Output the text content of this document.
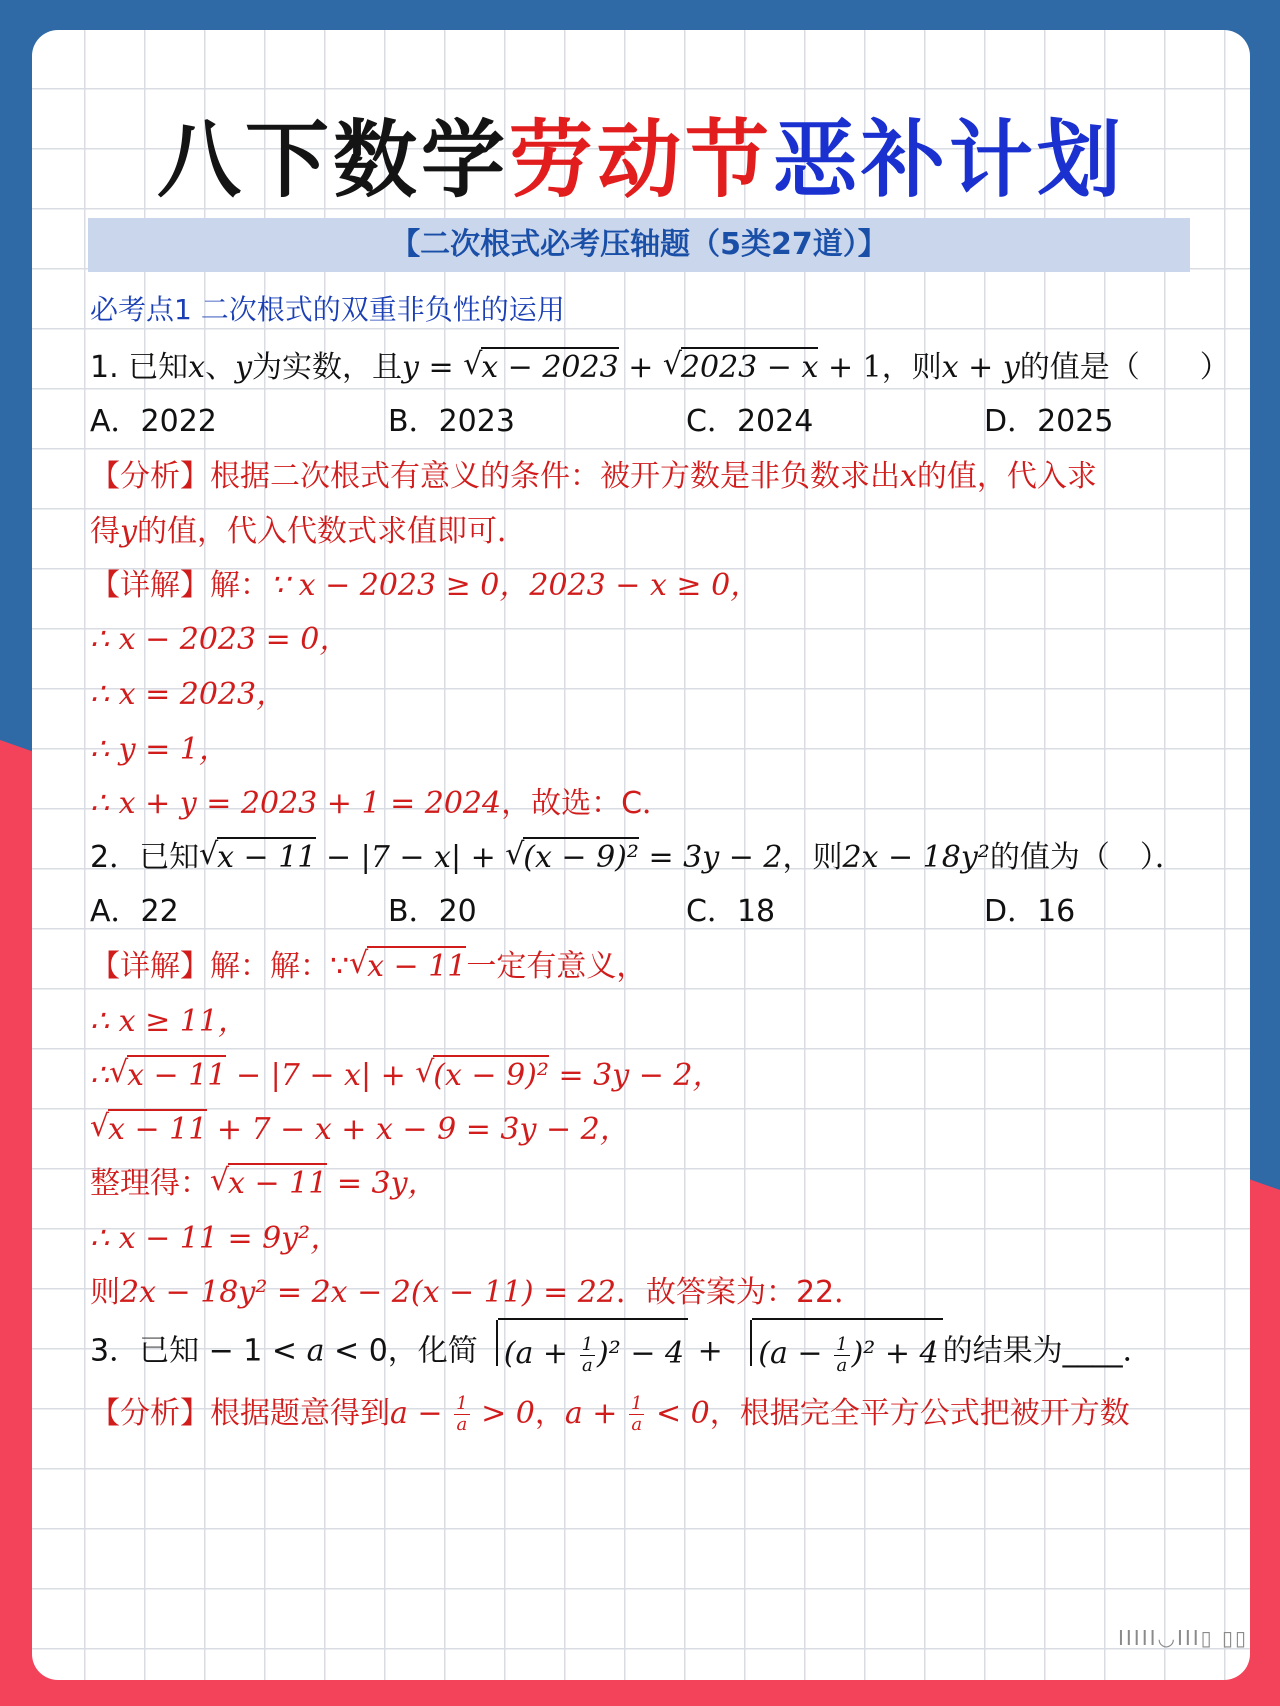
八下数学劳动节恶补计划
【二次根式必考压轴题（5类27道）】
必考点1 二次根式的双重非负性的运用
1. 已知x、y为实数，且y = √ x − 2023 + √ 2023 − x + 1，则x + y的值是（　　）
A．2022	B．2023	C．2024	D．2025
【分析】根据二次根式有意义的条件：被开方数是非负数求出x的值，代入求
得y的值，代入代数式求值即可．
【详解】解：∵ x − 2023 ≥ 0，2023 − x ≥ 0，
∴ x − 2023 = 0，
∴ x = 2023，
∴ y = 1，
∴ x + y = 2023 + 1 = 2024，故选：C．
2．已知 √ x − 11 − |7 − x| + √ (x − 9)² = 3y − 2，则2x − 18y²的值为（　）．
A．22	B．20	C．18	D．16
【详解】解：解：∵ √ x − 11一定有意义，
∴ x ≥ 11，
∴ √ x − 11 − |7 − x| + √ (x − 9)² = 3y − 2，
√ x − 11 + 7 − x + x − 9 = 3y − 2，
整理得： √ x − 11 = 3y，
∴ x − 11 = 9y²，
则2x − 18y² = 2x − 2(x − 11) = 22．故答案为：22．
3．已知 − 1 < a < 0，化简 $(a + \frac{1}{a} )^2 - 4 + (a - \frac{1}{a} )^2 + 4$ 的结果为____．
【分析】根据题意得到$a - \frac{1}{a} > 0$，$a + \frac{1}{a} < 0$，根据完全平方公式把被开方数
IIIII◡III▯ ▯▯
